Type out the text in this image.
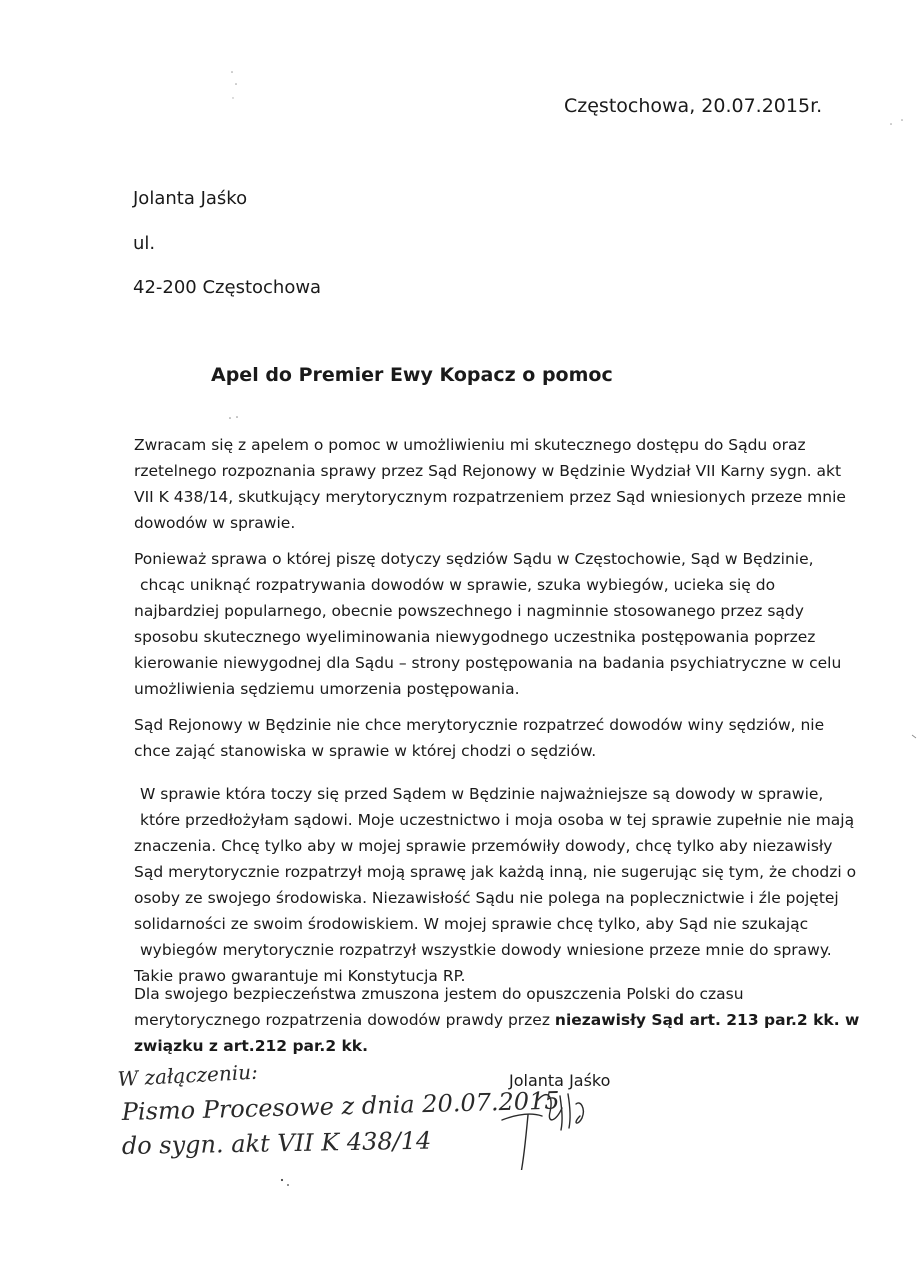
Częstochowa, 20.07.2015r.

Jolanta Jaśko

ul.

42-200 Częstochowa

Apel do Premier Ewy Kopacz o pomoc

Zwracam się z apelem o pomoc w umożliwieniu mi skutecznego dostępu do Sądu oraz
rzetelnego rozpoznania sprawy przez Sąd Rejonowy w Będzinie Wydział VII Karny sygn. akt
VII K 438/14, skutkujący merytorycznym rozpatrzeniem przez Sąd wniesionych przeze mnie
dowodów w sprawie.
Ponieważ sprawa o której piszę dotyczy sędziów Sądu w Częstochowie, Sąd w Będzinie,
chcąc uniknąć rozpatrywania dowodów w sprawie, szuka wybiegów, ucieka się do
najbardziej popularnego, obecnie powszechnego i nagminnie stosowanego przez sądy
sposobu skutecznego wyeliminowania niewygodnego uczestnika postępowania poprzez
kierowanie niewygodnej dla Sądu – strony postępowania na badania psychiatryczne w celu
umożliwienia sędziemu umorzenia postępowania.
Sąd Rejonowy w Będzinie nie chce merytorycznie rozpatrzeć dowodów winy sędziów, nie
chce zająć stanowiska w sprawie w której chodzi o sędziów.
W sprawie która toczy się przed Sądem w Będzinie najważniejsze są dowody w sprawie,
które przedłożyłam sądowi. Moje uczestnictwo i moja osoba w tej sprawie zupełnie nie mają
znaczenia. Chcę tylko aby w mojej sprawie przemówiły dowody, chcę tylko aby niezawisły
Sąd merytorycznie rozpatrzył moją sprawę jak każdą inną, nie sugerując się tym, że chodzi o
osoby ze swojego środowiska. Niezawisłość Sądu nie polega na poplecznictwie i źle pojętej
solidarności ze swoim środowiskiem. W mojej sprawie chcę tylko, aby Sąd nie szukając
wybiegów merytorycznie rozpatrzył wszystkie dowody wniesione przeze mnie do sprawy.
Takie prawo gwarantuje mi Konstytucja RP.
Dla swojego bezpieczeństwa zmuszona jestem do opuszczenia Polski do czasu
merytorycznego rozpatrzenia dowodów prawdy przez niezawisły Sąd art. 213 par.2 kk. w
związku z art.212 par.2 kk.

Jolanta Jaśko

W załączeniu:
Pismo Procesowe z dnia 20.07.2015
do sygn. akt VII K 438/14
